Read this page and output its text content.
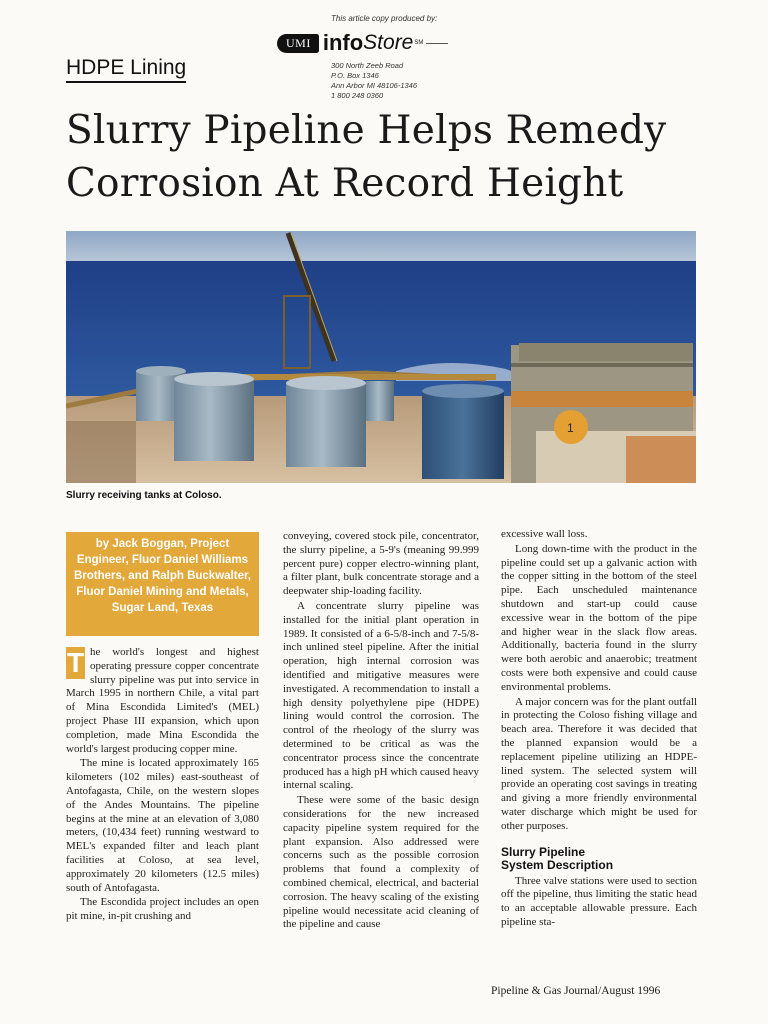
This article copy produced by:
UMI info Store SM
300 North Zeeb Road
P.O. Box 1346
Ann Arbor MI 48106-1346
1 800 248 0360
HDPE Lining
Slurry Pipeline Helps Remedy
Corrosion At Record Height
1
Slurry receiving tanks at Coloso.
by Jack Boggan, Project Engineer, Fluor Daniel Williams Brothers, and Ralph Buckwalter, Fluor Daniel Mining and Metals, Sugar Land, Texas

T he world's longest and highest operating pressure copper concentrate slurry pipeline was put into service in March 1995 in northern Chile, a vital part of Mina Escondida Limited's (MEL) project Phase III expansion, which upon completion, made Mina Escondida the world's largest producing copper mine.

The mine is located approximately 165 kilometers (102 miles) east-southeast of Antofagasta, Chile, on the western slopes of the Andes Mountains. The pipeline begins at the mine at an elevation of 3,080 meters, (10,434 feet) running westward to MEL's expanded filter and leach plant facilities at Coloso, at sea level, approximately 20 kilometers (12.5 miles) south of Antofagasta.

The Escondida project includes an open pit mine, in-pit crushing and

conveying, covered stock pile, concentrator, the slurry pipeline, a 5-9's (meaning 99.999 percent pure) copper electro-winning plant, a filter plant, bulk concentrate storage and a deepwater ship-loading facility.

A concentrate slurry pipeline was installed for the initial plant operation in 1989. It consisted of a 6-5/8-inch and 7-5/8-inch unlined steel pipeline. After the initial operation, high internal corrosion was identified and mitigative measures were investigated. A recommendation to install a high density polyethylene pipe (HDPE) lining would control the corrosion. The control of the rheology of the slurry was determined to be critical as was the concentrator process since the concentrate produced has a high pH which caused heavy internal scaling.

These were some of the basic design considerations for the new increased capacity pipeline system required for the plant expansion. Also addressed were concerns such as the possible corrosion problems that found a complexity of combined chemical, electrical, and bacterial corrosion. The heavy scaling of the existing pipeline would necessitate acid cleaning of the pipeline and cause

excessive wall loss.

Long down-time with the product in the pipeline could set up a galvanic action with the copper sitting in the bottom of the steel pipe. Each unscheduled maintenance shutdown and start-up could cause excessive wear in the bottom of the pipe and higher wear in the slack flow areas. Additionally, bacteria found in the slurry were both aerobic and anaerobic; treatment costs were both expensive and could cause environmental problems.

A major concern was for the plant outfall in protecting the Coloso fishing village and beach area. Therefore it was decided that the planned expansion would be a replacement pipeline utilizing an HDPE-lined system. The selected system will provide an operating cost savings in treating and giving a more friendly environmental water discharge which might be used for other purposes.

Slurry Pipeline
System Description

Three valve stations were used to section off the pipeline, thus limiting the static head to an acceptable allowable pressure. Each pipeline sta-

Pipeline & Gas Journal/August 1996
